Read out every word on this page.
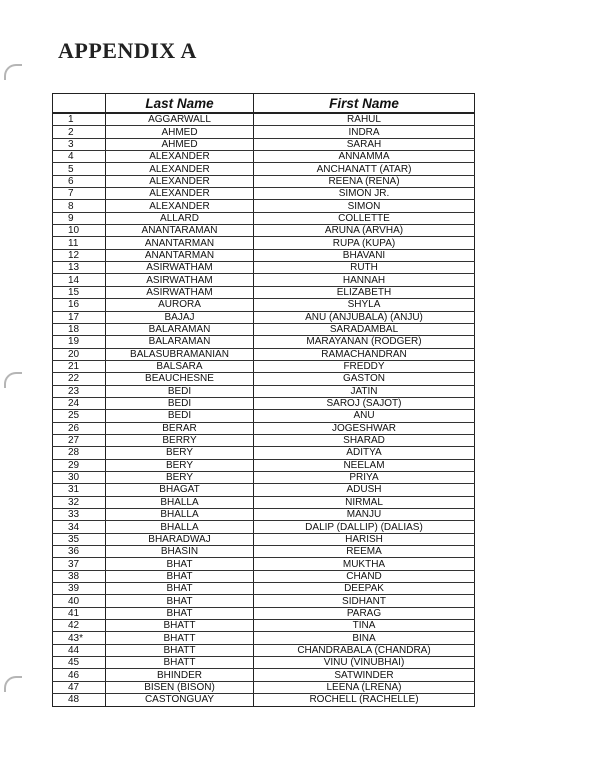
APPENDIX A
	Last Name	First Name
1	AGGARWALL	RAHUL
2	AHMED	INDRA
3	AHMED	SARAH
4	ALEXANDER	ANNAMMA
5	ALEXANDER	ANCHANATT (ATAR)
6	ALEXANDER	REENA (RENA)
7	ALEXANDER	SIMON JR.
8	ALEXANDER	SIMON
9	ALLARD	COLLETTE
10	ANANTARAMAN	ARUNA (ARVHA)
11	ANANTARMAN	RUPA (KUPA)
12	ANANTARMAN	BHAVANI
13	ASIRWATHAM	RUTH
14	ASIRWATHAM	HANNAH
15	ASIRWATHAM	ELIZABETH
16	AURORA	SHYLA
17	BAJAJ	ANU (ANJUBALA) (ANJU)
18	BALARAMAN	SARADAMBAL
19	BALARAMAN	MARAYANAN (RODGER)
20	BALASUBRAMANIAN	RAMACHANDRAN
21	BALSARA	FREDDY
22	BEAUCHESNE	GASTON
23	BEDI	JATIN
24	BEDI	SAROJ (SAJOT)
25	BEDI	ANU
26	BERAR	JOGESHWAR
27	BERRY	SHARAD
28	BERY	ADITYA
29	BERY	NEELAM
30	BERY	PRIYA
31	BHAGAT	ADUSH
32	BHALLA	NIRMAL
33	BHALLA	MANJU
34	BHALLA	DALIP (DALLIP) (DALIAS)
35	BHARADWAJ	HARISH
36	BHASIN	REEMA
37	BHAT	MUKTHA
38	BHAT	CHAND
39	BHAT	DEEPAK
40	BHAT	SIDHANT
41	BHAT	PARAG
42	BHATT	TINA
43*	BHATT	BINA
44	BHATT	CHANDRABALA (CHANDRA)
45	BHATT	VINU (VINUBHAI)
46	BHINDER	SATWINDER
47	BISEN (BISON)	LEENA (LRENA)
48	CASTONGUAY	ROCHELL (RACHELLE)
